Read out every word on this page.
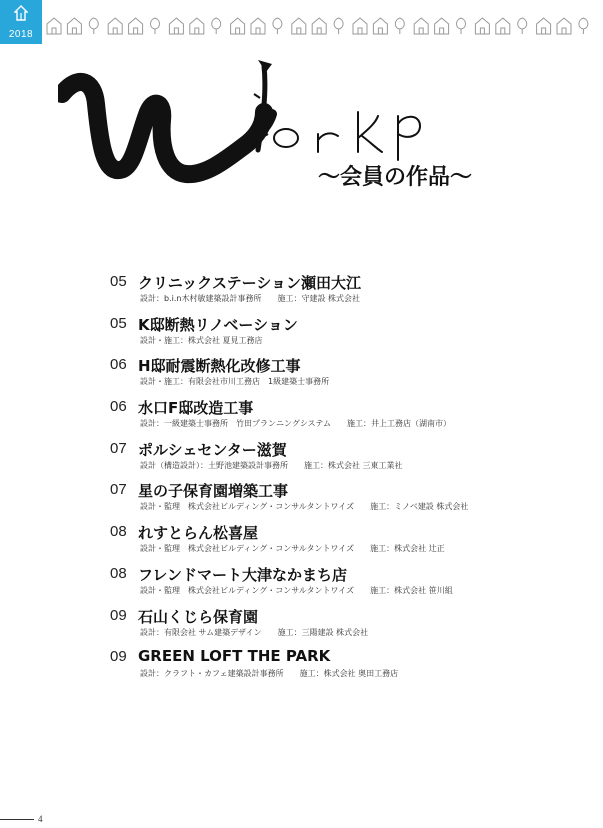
2018
〜会員の作品〜
05 クリニックステーション瀬田大江
設計：b.i.n木村敏建築設計事務所　　施工：守建設 株式会社
05 K邸断熱リノベーション
設計・施工：株式会社 夏見工務店
06 H邸耐震断熱化改修工事
設計・施工：有限会社市川工務店　1級建築士事務所
06 水口F邸改造工事
設計：一級建築士事務所　竹田プランニングシステム　　施工：井上工務店（湖南市）
07 ポルシェセンター滋賀
設計（構造設計）：土野池建築設計事務所　　施工：株式会社 三東工業社
07 星の子保育園増築工事
設計・監理　株式会社ビルディング・コンサルタントワイズ　　施工：ミノベ建設 株式会社
08 れすとらん松喜屋
設計・監理　株式会社ビルディング・コンサルタントワイズ　　施工：株式会社 辻正
08 フレンドマート大津なかまち店
設計・監理　株式会社ビルディング・コンサルタントワイズ　　施工：株式会社 笹川組
09 石山くじら保育園
設計：有限会社 サム建築デザイン　　施工：三陽建設 株式会社
09 GREEN LOFT THE PARK
設計：クラフト・カフェ建築設計事務所　　施工：株式会社 奥田工務店
4
